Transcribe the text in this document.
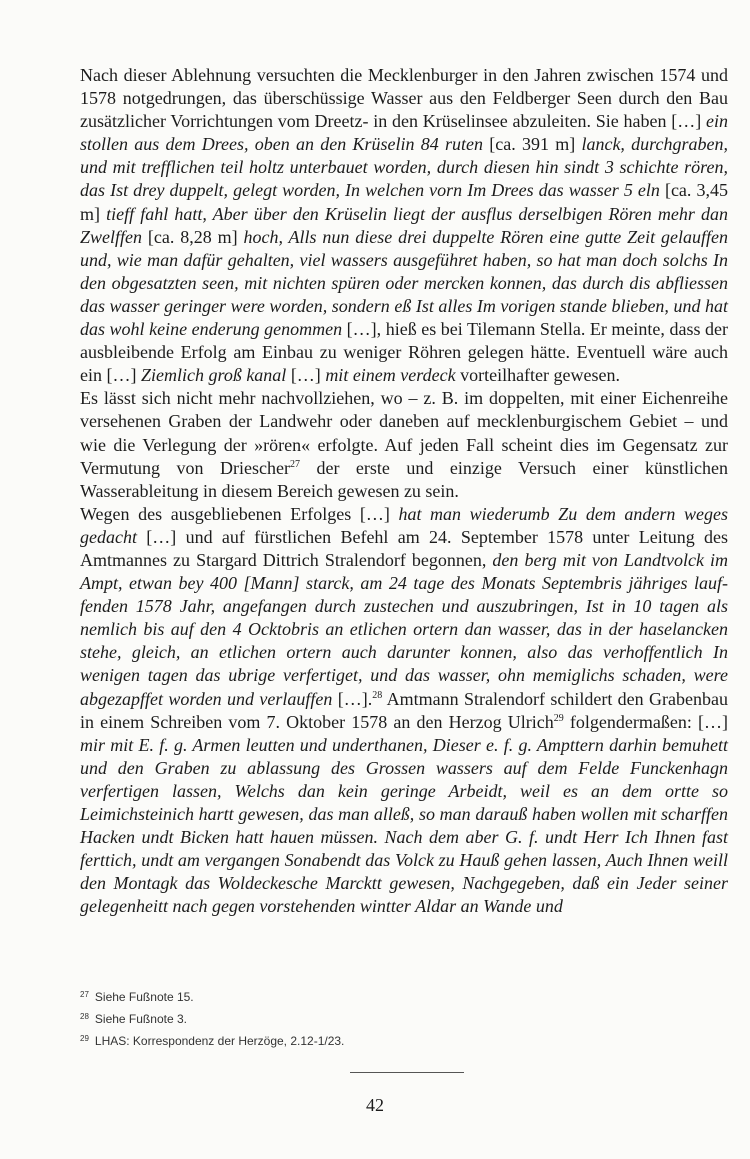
Nach dieser Ablehnung versuchten die Mecklenburger in den Jahren zwischen 1574 und 1578 notgedrungen, das überschüssige Wasser aus den Feldberger Seen durch den Bau zusätzlicher Vorrichtungen vom Dreetz- in den Krüselinsee abzuleiten. Sie haben […] ein stollen aus dem Drees, oben an den Krüselin 84 ruten [ca. 391 m] lanck, durchgraben, und mit trefflichen teil holtz unterbauet worden, durch diesen hin sindt 3 schichte rören, das Ist drey duppelt, gelegt worden, In welchen vorn Im Drees das wasser 5 eln [ca. 3,45 m] tieff fahl hatt, Aber über den Krüselin liegt der ausflus derselbigen Rören mehr dan Zwelffen [ca. 8,28 m] hoch, Alls nun diese drei duppelte Rören eine gutte Zeit gelauffen und, wie man dafür gehalten, viel wassers ausgeführet haben, so hat man doch solchs In den obgesatzten seen, mit nichten spüren oder mercken konnen, das durch dis abfliessen das wasser geringer were worden, sondern eß Ist alles Im vorigen stande blieben, und hat das wohl keine enderung genommen […], hieß es bei Tilemann Stella. Er meinte, dass der ausbleibende Erfolg am Einbau zu weniger Röhren gelegen hätte. Eventuell wäre auch ein […] Ziemlich groß kanal […] mit einem verdeck vorteilhafter gewesen.

Es lässt sich nicht mehr nachvollziehen, wo – z. B. im doppelten, mit einer Eichenreihe versehenen Graben der Landwehr oder daneben auf mecklenburgischem Gebiet – und wie die Verlegung der »rören« erfolgte. Auf jeden Fall scheint dies im Gegensatz zur Vermutung von Driescher$^{27}$ der erste und einzige Versuch einer künstlichen Wasserableitung in diesem Bereich gewesen zu sein.

Wegen des ausgebliebenen Erfolges […] hat man wiederumb Zu dem andern weges gedacht […] und auf fürstlichen Befehl am 24. September 1578 unter Leitung des Amtmannes zu Stargard Dittrich Stralendorf begonnen, den berg mit von Landtvolck im Ampt, etwan bey 400 [Mann] starck, am 24 tage des Monats Septembris jähriges lauffenden 1578 Jahr, angefangen durch zustechen und auszubringen, Ist in 10 tagen als nemlich bis auf den 4 Ocktobris an etlichen ortern dan wasser, das in der haselancken stehe, gleich, an etlichen ortern auch darunter konnen, also das verhoffentlich In wenigen tagen das ubrige verfertiget, und das wasser, ohn memiglichs schaden, were abgezapffet worden und verlauffen […].$^{28}$ Amtmann Stralendorf schildert den Grabenbau in einem Schreiben vom 7. Oktober 1578 an den Herzog Ulrich$^{29}$ folgendermaßen: […] mir mit E. f. g. Armen leutten und underthanen, Dieser e. f. g. Ampttern darhin bemuhett und den Graben zu ablassung des Grossen wassers auf dem Felde Funckenhagn verfertigen lassen, Welchs dan kein geringe Arbeidt, weil es an dem ortte so Leimichsteinich hartt gewesen, das man alleß, so man darauß haben wollen mit scharffen Hacken undt Bicken hatt hauen müssen. Nach dem aber G. f. undt Herr Ich Ihnen fast ferttich, undt am vergangen Sonabendt das Volck zu Hauß gehen lassen, Auch Ihnen weill den Montagk das Woldeckesche Marcktt gewesen, Nachgegeben, daß ein Jeder seiner gelegenheitt nach gegen vorstehenden wintter Aldar an Wande und

$^{27}$ Siehe Fußnote 15.
$^{28}$ Siehe Fußnote 3.
$^{29}$ LHAS: Korrespondenz der Herzöge, 2.12-1/23.
42
